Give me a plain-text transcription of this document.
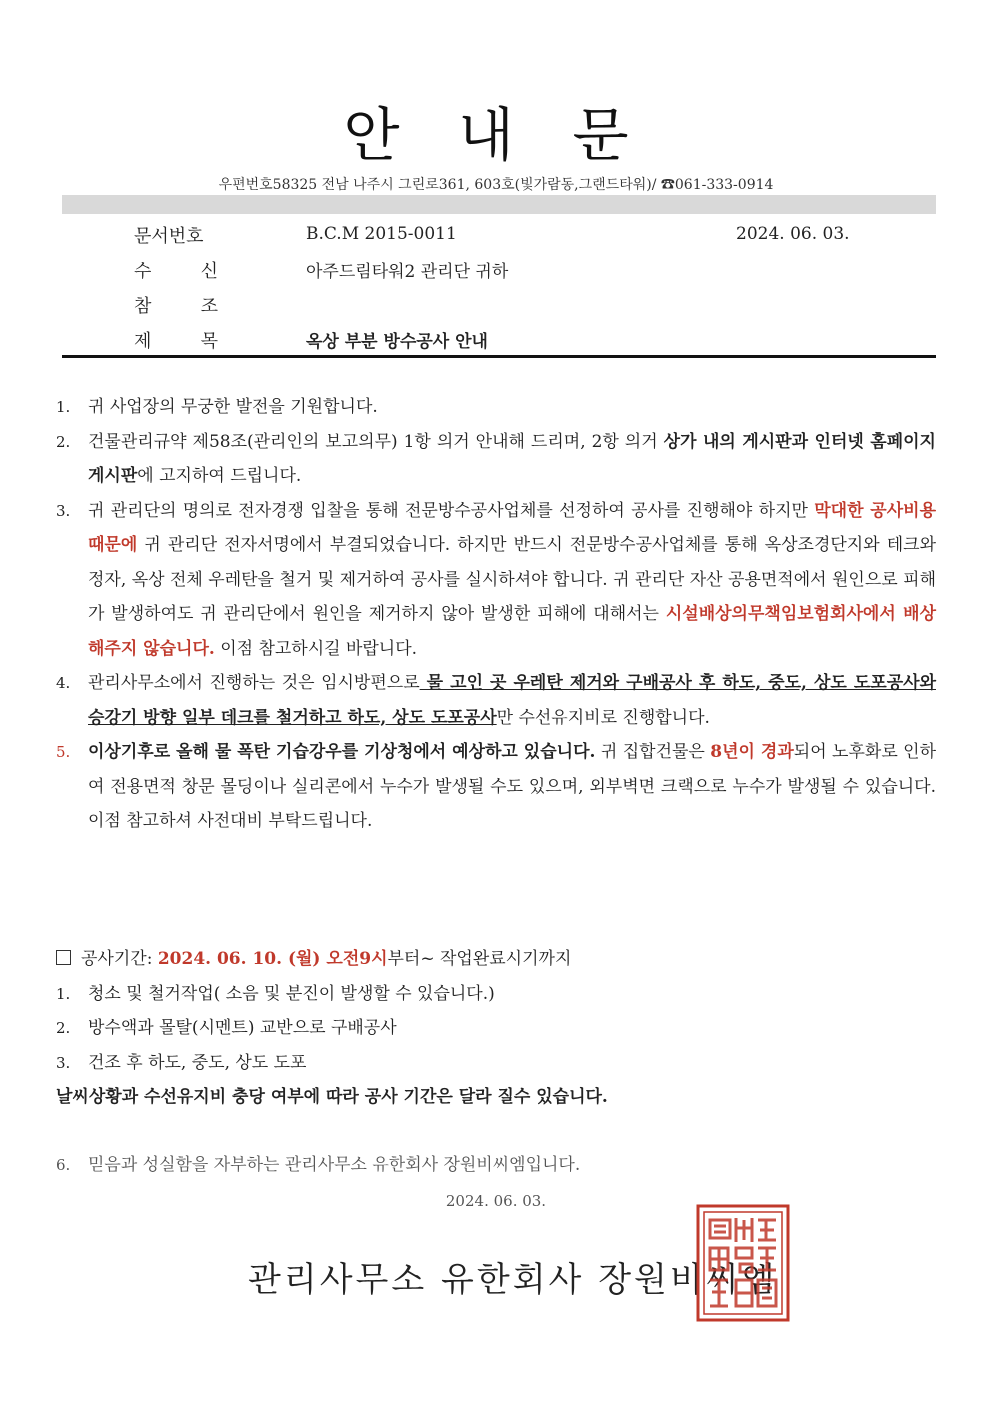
안 내 문
우편번호58325 전남 나주시 그린로361, 603호(빛가람동,그랜드타워)/ ☎061-333-0914
문서번호	B.C.M 2015-0011	2024. 06. 03.
수	신	아주드림타워2 관리단 귀하
참	조
제	목	옥상 부분 방수공사 안내

1. 귀 사업장의 무궁한 발전을 기원합니다.

2. 건물관리규약 제58조(관리인의 보고의무) 1항 의거 안내해 드리며, 2항 의거 상가 내의 게시판과 인터넷 홈페이지 게시판에 고지하여 드립니다.

3. 귀 관리단의 명의로 전자경쟁 입찰을 통해 전문방수공사업체를 선정하여 공사를 진행해야 하지만 막대한 공사비용 때문에 귀 관리단 전자서명에서 부결되었습니다. 하지만 반드시 전문방수공사업체를 통해 옥상조경단지와 테크와 정자, 옥상 전체 우레탄을 철거 및 제거하여 공사를 실시하셔야 합니다. 귀 관리단 자산 공용면적에서 원인으로 피해가 발생하여도 귀 관리단에서 원인을 제거하지 않아 발생한 피해에 대해서는 시설배상의무책임보험회사에서 배상해주지 않습니다. 이점 참고하시길 바랍니다.

4. 관리사무소에서 진행하는 것은 임시방편으로 물 고인 곳 우레탄 제거와 구배공사 후 하도, 중도, 상도 도포공사와 승강기 방향 일부 데크를 철거하고 하도, 상도 도포공사만 수선유지비로 진행합니다.

5. 이상기후로 올해 물 폭탄 기습강우를 기상청에서 예상하고 있습니다. 귀 집합건물은 8년이 경과되어 노후화로 인하여 전용면적 창문 몰딩이나 실리콘에서 누수가 발생될 수도 있으며, 외부벽면 크랙으로 누수가 발생될 수 있습니다. 이점 참고하셔 사전대비 부탁드립니다.

공사기간: 2024. 06. 10. (월) 오전9시부터~ 작업완료시기까지

1. 청소 및 철거작업( 소음 및 분진이 발생할 수 있습니다.)

2. 방수액과 몰탈(시멘트) 교반으로 구배공사

3. 건조 후 하도, 중도, 상도 도포

날씨상황과 수선유지비 충당 여부에 따라 공사 기간은 달라 질수 있습니다.

6. 믿음과 성실함을 자부하는 관리사무소 유한회사 장원비씨엠입니다.
2024. 06. 03.
관리사무소 유한회사 장원비씨엠
